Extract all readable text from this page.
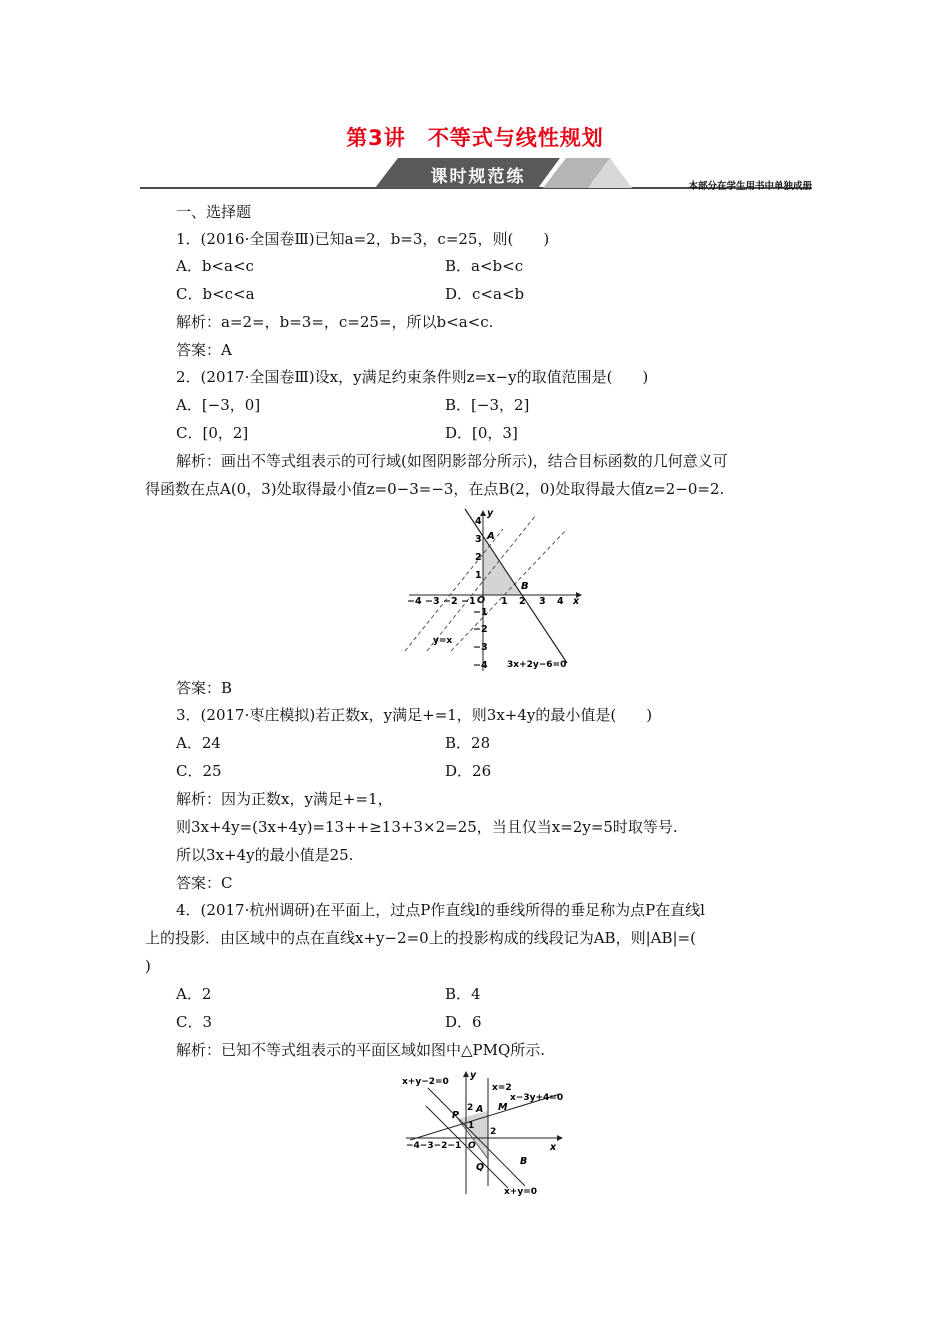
第3讲 不等式与线性规划
课时规范练	本部分在学生用书中单独成册
一、选择题
1．(2016·全国卷Ⅲ)已知a=2，b=3，c=25，则(　　)
A．b<a<c	B．a<b<c
C．b<c<a	D．c<a<b
解析：a=2=，b=3=，c=25=，所以b<a<c.
答案：A
2．(2017·全国卷Ⅲ)设x，y满足约束条件则z=x−y的取值范围是(　　)
A．[−3，0]	B．[−3，2]
C．[0，2]	D．[0，3]
解析：画出不等式组表示的可行域(如图阴影部分所示)，结合目标函数的几何意义可
得函数在点A(0，3)处取得最小值z=0−3=−3，在点B(2，0)处取得最大值z=2−0=2.
−4 −3 −2 −1	1 2 3 4 x
4
3
2
1
−1
−2
−3
−4
y
O
A
B
y=x
3x+2y−6=0
答案：B
3．(2017·枣庄模拟)若正数x，y满足+=1，则3x+4y的最小值是(　　)
A．24	B．28
C．25	D．26
解析：因为正数x，y满足+=1，
则3x+4y=(3x+4y)=13++≥13+3×2=25，当且仅当x=2y=5时取等号.
所以3x+4y的最小值是25.
答案：C
4．(2017·杭州调研)在平面上，过点P作直线l的垂线所得的垂足称为点P在直线l
上的投影．由区域中的点在直线x+y−2=0上的投影构成的线段记为AB，则|AB|=(
)
A．2	B．4
C．3	D．6
解析：已知不等式组表示的平面区域如图中△PMQ所示.
x+y−2=0
x=2
x−3y+4=0
x+y=0
−4−3−2−1
2
2
1
P
A M
Q
B
O	x
y
